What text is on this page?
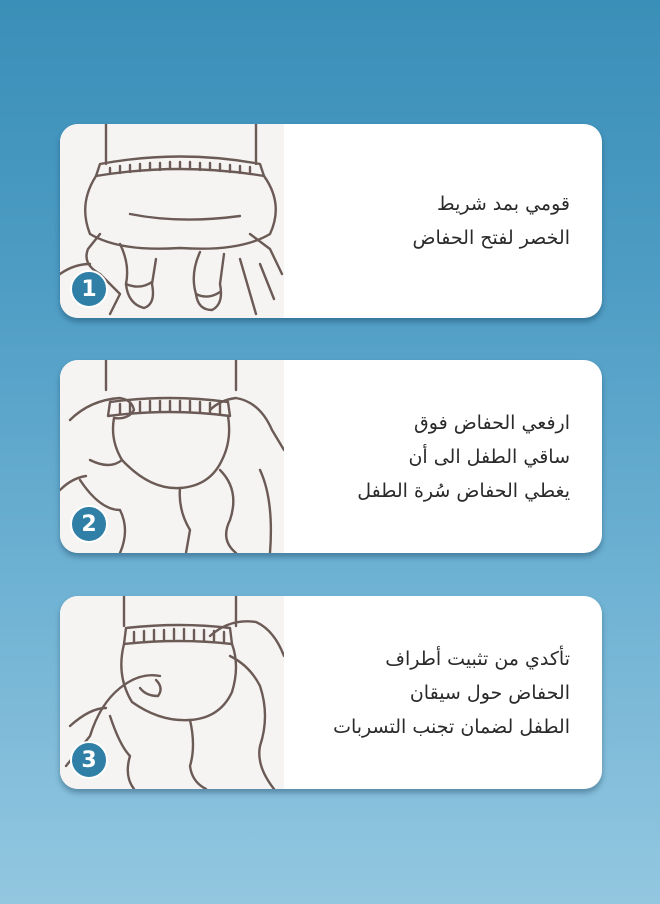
1
قومي بمد شريط
الخصر لفتح الحفاض
2
ارفعي الحفاض فوق
ساقي الطفل الى أن
يغطي الحفاض سُرة الطفل
3
تأكدي من تثبيت أطراف
الحفاض حول سيقان
الطفل لضمان تجنب التسربات
